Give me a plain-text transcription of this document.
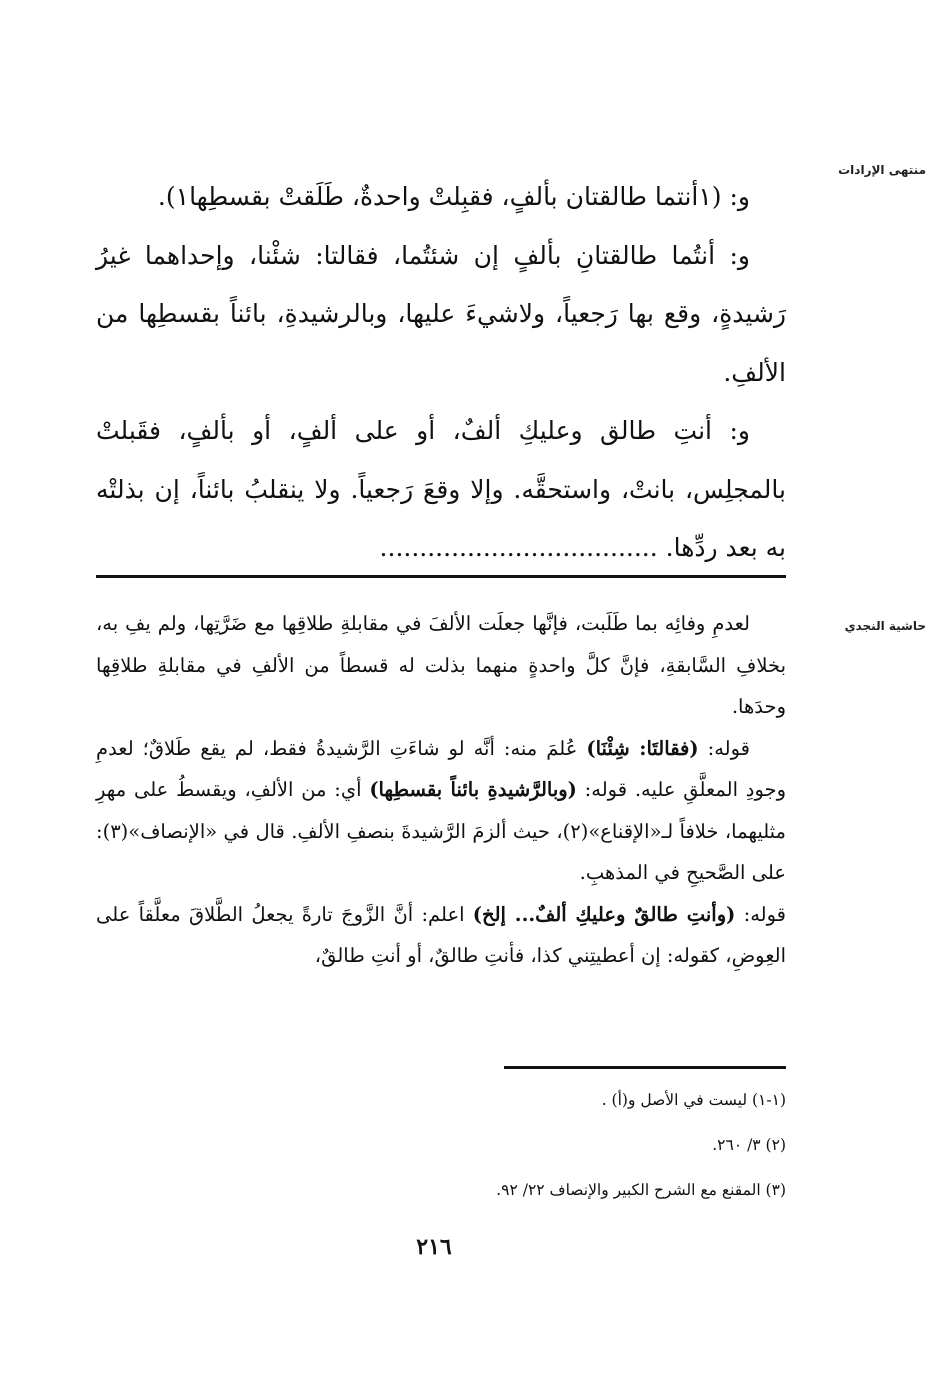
منتهى الإرادات
حاشية النجدي

و: (١أنتما طالقتان بألفٍ، فقبِلتْ واحدةٌ، طَلَقتْ بقسطِها١).

و: أنتُما طالقتانِ بألفٍ إن شئتُما، فقالتا: شئْنا، وإحداهما غيرُ رَشيدةٍ، وقع بها رَجعياً، ولاشيءَ عليها، وبالرشيدةِ، بائناً بقسطِها من الألفِ.

و: أنتِ طالق وعليكِ ألفٌ، أو على ألفٍ، أو بألفٍ، فقَبلتْ بالمجلِس، بانتْ، واستحقَّه. وإلا وقعَ رَجعياً. ولا ينقلبُ بائناً، إن بذلتْه به بعد ردِّها. ...................................

لعدمِ وفائِه بما طَلَبت، فإنَّها جعلَت الألفَ في مقابلةِ طلاقِها مع ضَرَّتِها، ولم يفِ به، بخلافِ السَّابقةِ، فإنَّ كلَّ واحدةٍ منهما بذلت له قسطاً من الألفِ في مقابلةِ طلاقِها وحدَها.

قوله: (فقالتَا: شِئْنَا) عُلمَ منه: أنَّه لو شاءَتِ الرَّشيدةُ فقط، لم يقع طَلاقٌ؛ لعدمِ وجودِ المعلَّقِ عليه. قوله: (وبالرَّشيدةِ بائناً بقسطِها) أي: من الألفِ، ويقسطُ على مهرِ مثليهما، خلافاً لـ«الإقناع»(٢)، حيث ألزمَ الرَّشيدةَ بنصفِ الألفِ. قال في «الإنصاف»(٣): على الصَّحيحِ في المذهبِ.

قوله: (وأنتِ طالقٌ وعليكِ ألفٌ... إلخ) اعلم: أنَّ الزَّوجَ تارةً يجعلُ الطَّلاقَ معلَّقاً على العِوضِ، كقوله: إن أعطيتِني كذا، فأنتِ طالقٌ، أو أنتِ طالقٌ،

(١-١) ليست في الأصل و(أ) .
(٢) ٣/ ٢٦٠.
(٣) المقنع مع الشرح الكبير والإنصاف ٢٢/ ٩٢.
٢١٦
